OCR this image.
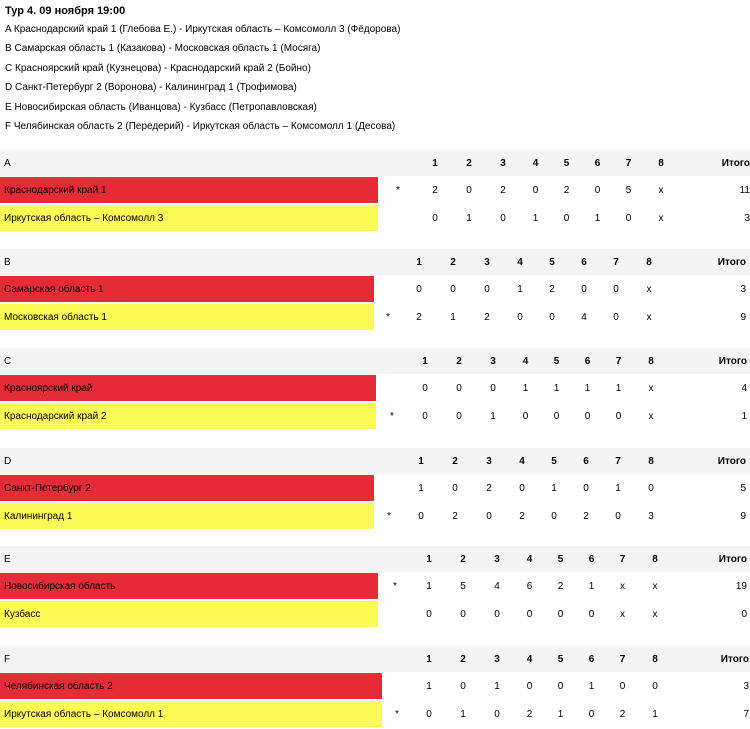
Тур 4. 09 ноября 19:00
A Краснодарский край 1 (Глебова Е.) - Иркутская область – Комсомолл 3 (Фёдорова)
B Самарская область 1 (Казакова) - Московская область 1 (Мосяга)
C Красноярский край (Кузнецова) - Краснодарский край 2 (Бойно)
D Санкт-Петербург 2 (Воронова) - Калининград 1 (Трофимова)
E Новосибирская область (Иванцова) - Кузбасс (Петропавловская)
F Челябинская область 2 (Передерий) - Иркутская область – Комсомолл 1 (Десова)
A		1	2	3	4	5	6	7	8		Итого
Краснодарский край 1	*	2	0	2	0	2	0	5	x		11
Иркутская область – Комсомолл 3		0	1	0	1	0	1	0	x		3
B		1	2	3	4	5	6	7	8		Итого
Самарская область 1		0	0	0	1	2	0	0	x		3
Московская область 1	*	2	1	2	0	0	4	0	x		9
C		1	2	3	4	5	6	7	8		Итого
Красноярский край		0	0	0	1	1	1	1	x		4
Краснодарский край 2	*	0	0	1	0	0	0	0	x		1
D		1	2	3	4	5	6	7	8		Итого
Санкт-Петербург 2		1	0	2	0	1	0	1	0		5
Калининград 1	*	0	2	0	2	0	2	0	3		9
E		1	2	3	4	5	6	7	8		Итого
Новосибирская область	*	1	5	4	6	2	1	x	x		19
Кузбасс		0	0	0	0	0	0	x	x		0
F		1	2	3	4	5	6	7	8		Итого
Челябинская область 2		1	0	1	0	0	1	0	0		3
Иркутская область – Комсомолл 1	*	0	1	0	2	1	0	2	1		7
